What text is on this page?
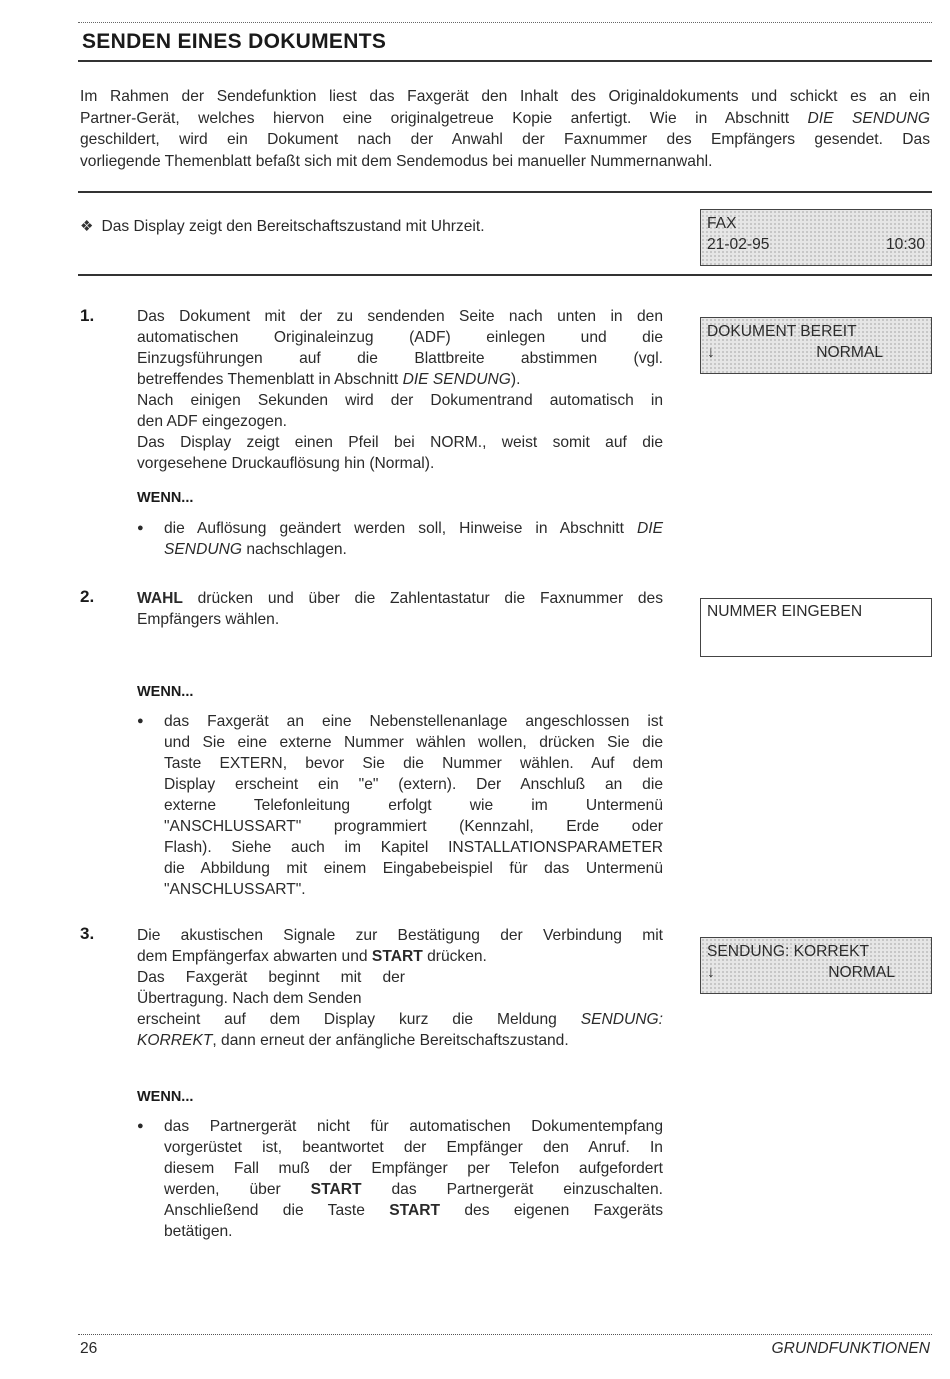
SENDEN EINES DOKUMENTS
Im Rahmen der Sendefunktion liest das Faxgerät den Inhalt des Originaldokuments und schickt es an ein
Partner-Gerät, welches hiervon eine originalgetreue Kopie anfertigt. Wie in Abschnitt DIE SENDUNG
geschildert, wird ein Dokument nach der Anwahl der Faxnummer des Empfängers gesendet. Das
vorliegende Themenblatt befaßt sich mit dem Sendemodus bei manueller Nummernanwahl.
❖ Das Display zeigt den Bereitschaftszustand mit Uhrzeit.	FAX
21-02-95	10:30
1.	Das Dokument mit der zu sendenden Seite nach unten in den
automatischen Originaleinzug (ADF) einlegen und die
Einzugsführungen auf die Blattbreite abstimmen (vgl.
betreffendes Themenblatt in Abschnitt DIE SENDUNG).
Nach einigen Sekunden wird der Dokumentrand automatisch in
den ADF eingezogen.
Das Display zeigt einen Pfeil bei NORM., weist somit auf die
vorgesehene Druckauflösung hin (Normal).
DOKUMENT BEREIT
↓	NORMAL
WENN...
● die Auflösung geändert werden soll, Hinweise in Abschnitt DIE
SENDUNG nachschlagen.
2.	WAHL drücken und über die Zahlentastatur die Faxnummer des
Empfängers wählen.	NUMMER EINGEBEN
WENN...
● das Faxgerät an eine Nebenstellenanlage angeschlossen ist
und Sie eine externe Nummer wählen wollen, drücken Sie die
Taste EXTERN, bevor Sie die Nummer wählen. Auf dem
Display erscheint ein "e" (extern). Der Anschluß an die
externe Telefonleitung erfolgt wie im Untermenü
"ANSCHLUSSART" programmiert (Kennzahl, Erde oder
Flash). Siehe auch im Kapitel INSTALLATIONSPARAMETER
die Abbildung mit einem Eingabebeispiel für das Untermenü
"ANSCHLUSSART".
3.	Die akustischen Signale zur Bestätigung der Verbindung mit
dem Empfängerfax abwarten und START drücken.
Das Faxgerät beginnt mit der
Übertragung. Nach dem Senden
erscheint auf dem Display kurz die Meldung SENDUNG:
KORREKT, dann erneut der anfängliche Bereitschaftszustand.
SENDUNG: KORREKT
↓	NORMAL
WENN...
● das Partnergerät nicht für automatischen Dokumentempfang
vorgerüstet ist, beantwortet der Empfänger den Anruf. In
diesem Fall muß der Empfänger per Telefon aufgefordert
werden, über START das Partnergerät einzuschalten.
Anschließend die Taste START des eigenen Faxgeräts
betätigen.
26	GRUNDFUNKTIONEN
